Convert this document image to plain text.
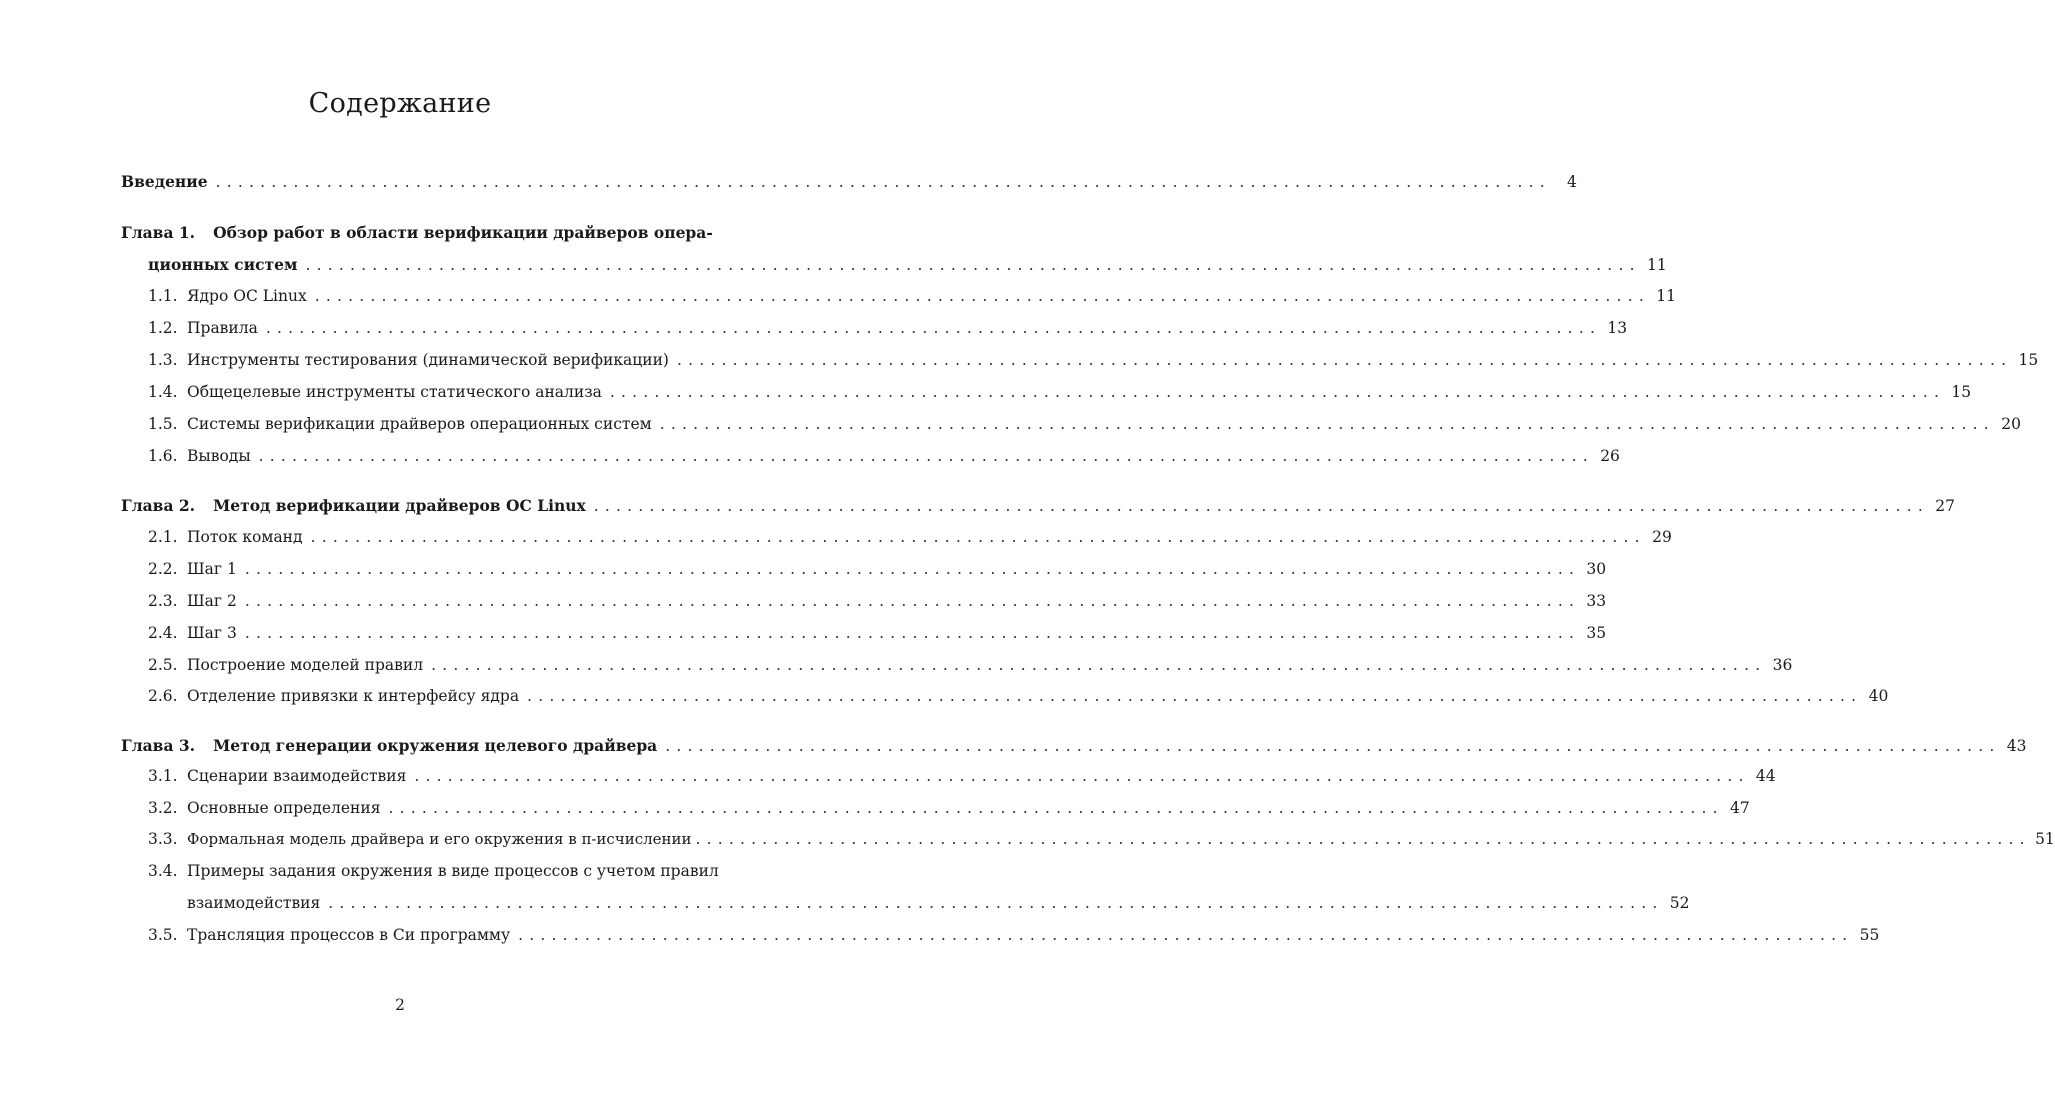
Содержание
Введение ........................................................................................................................	4
Глава 1. Обзор работ в области верификации драйверов опера-
ционных систем ........................................................................................................................ 11
1.1. Ядро ОС Linux ........................................................................................................................ 11
1.2. Правила ........................................................................................................................ 13
1.3. Инструменты тестирования (динамической верификации) ........................................................................................................................ 15
1.4. Общецелевые инструменты статического анализа ........................................................................................................................ 15
1.5. Системы верификации драйверов операционных систем ........................................................................................................................ 20
1.6. Выводы ........................................................................................................................ 26
Глава 2. Метод верификации драйверов ОС Linux ........................................................................................................................ 27
2.1. Поток команд ........................................................................................................................ 29
2.2. Шаг 1 ........................................................................................................................ 30
2.3. Шаг 2 ........................................................................................................................ 33
2.4. Шаг 3 ........................................................................................................................ 35
2.5. Построение моделей правил ........................................................................................................................ 36
2.6. Отделение привязки к интерфейсу ядра ........................................................................................................................ 40
Глава 3. Метод генерации окружения целевого драйвера ........................................................................................................................ 43
3.1. Сценарии взаимодействия ........................................................................................................................ 44
3.2. Основные определения ........................................................................................................................ 47
3.3. Формальная модель драйвера и его окружения в π-исчислении ........................................................................................................................ 51
3.4. Примеры задания окружения в виде процессов с учетом правил
взаимодействия ........................................................................................................................ 52
3.5. Трансляция процессов в Си программу ........................................................................................................................ 55
2
